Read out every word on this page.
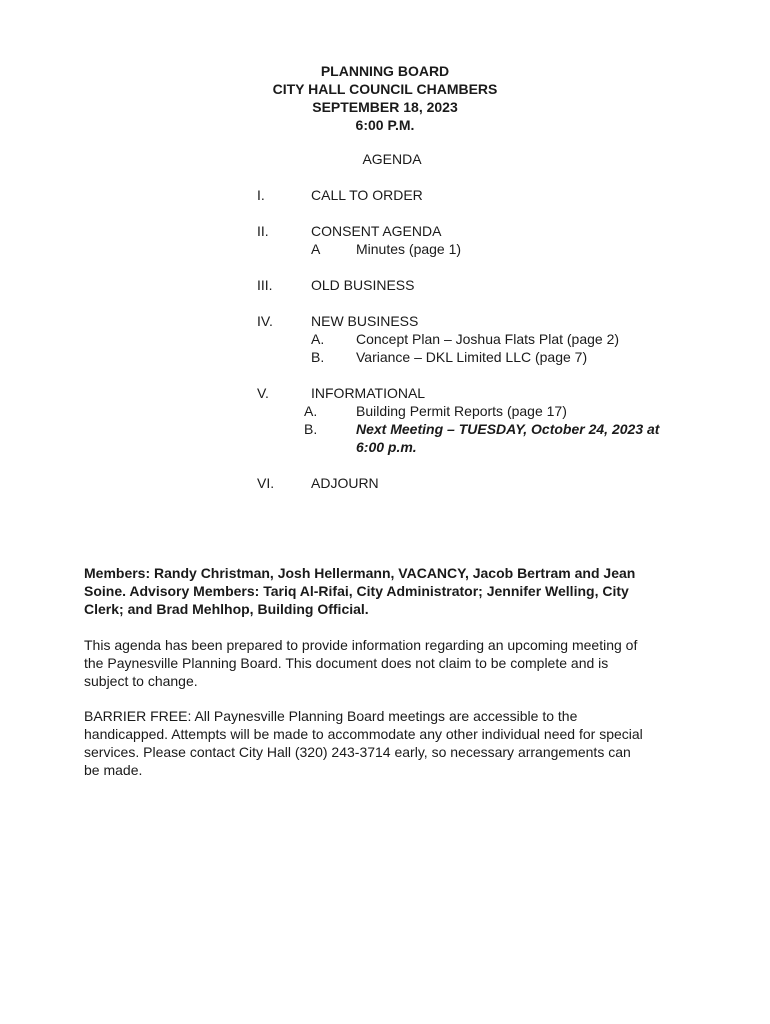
PLANNING BOARD
CITY HALL COUNCIL CHAMBERS
SEPTEMBER 18, 2023
6:00 P.M.
AGENDA
I.	CALL TO ORDER
II.	CONSENT AGENDA
A	Minutes (page 1)
III.	OLD BUSINESS
IV.	NEW BUSINESS
A. Concept Plan – Joshua Flats Plat (page 2)
B. Variance – DKL Limited LLC (page 7)
V.	INFORMATIONAL
A.	Building Permit Reports (page 17)
B.	Next Meeting – TUESDAY, October 24, 2023 at
6:00 p.m.
VI.	ADJOURN
Members: Randy Christman, Josh Hellermann, VACANCY, Jacob Bertram and Jean
Soine. Advisory Members: Tariq Al-Rifai, City Administrator; Jennifer Welling, City
Clerk; and Brad Mehlhop, Building Official.
This agenda has been prepared to provide information regarding an upcoming meeting of
the Paynesville Planning Board. This document does not claim to be complete and is
subject to change.
BARRIER FREE: All Paynesville Planning Board meetings are accessible to the
handicapped. Attempts will be made to accommodate any other individual need for special
services. Please contact City Hall (320) 243-3714 early, so necessary arrangements can
be made.
